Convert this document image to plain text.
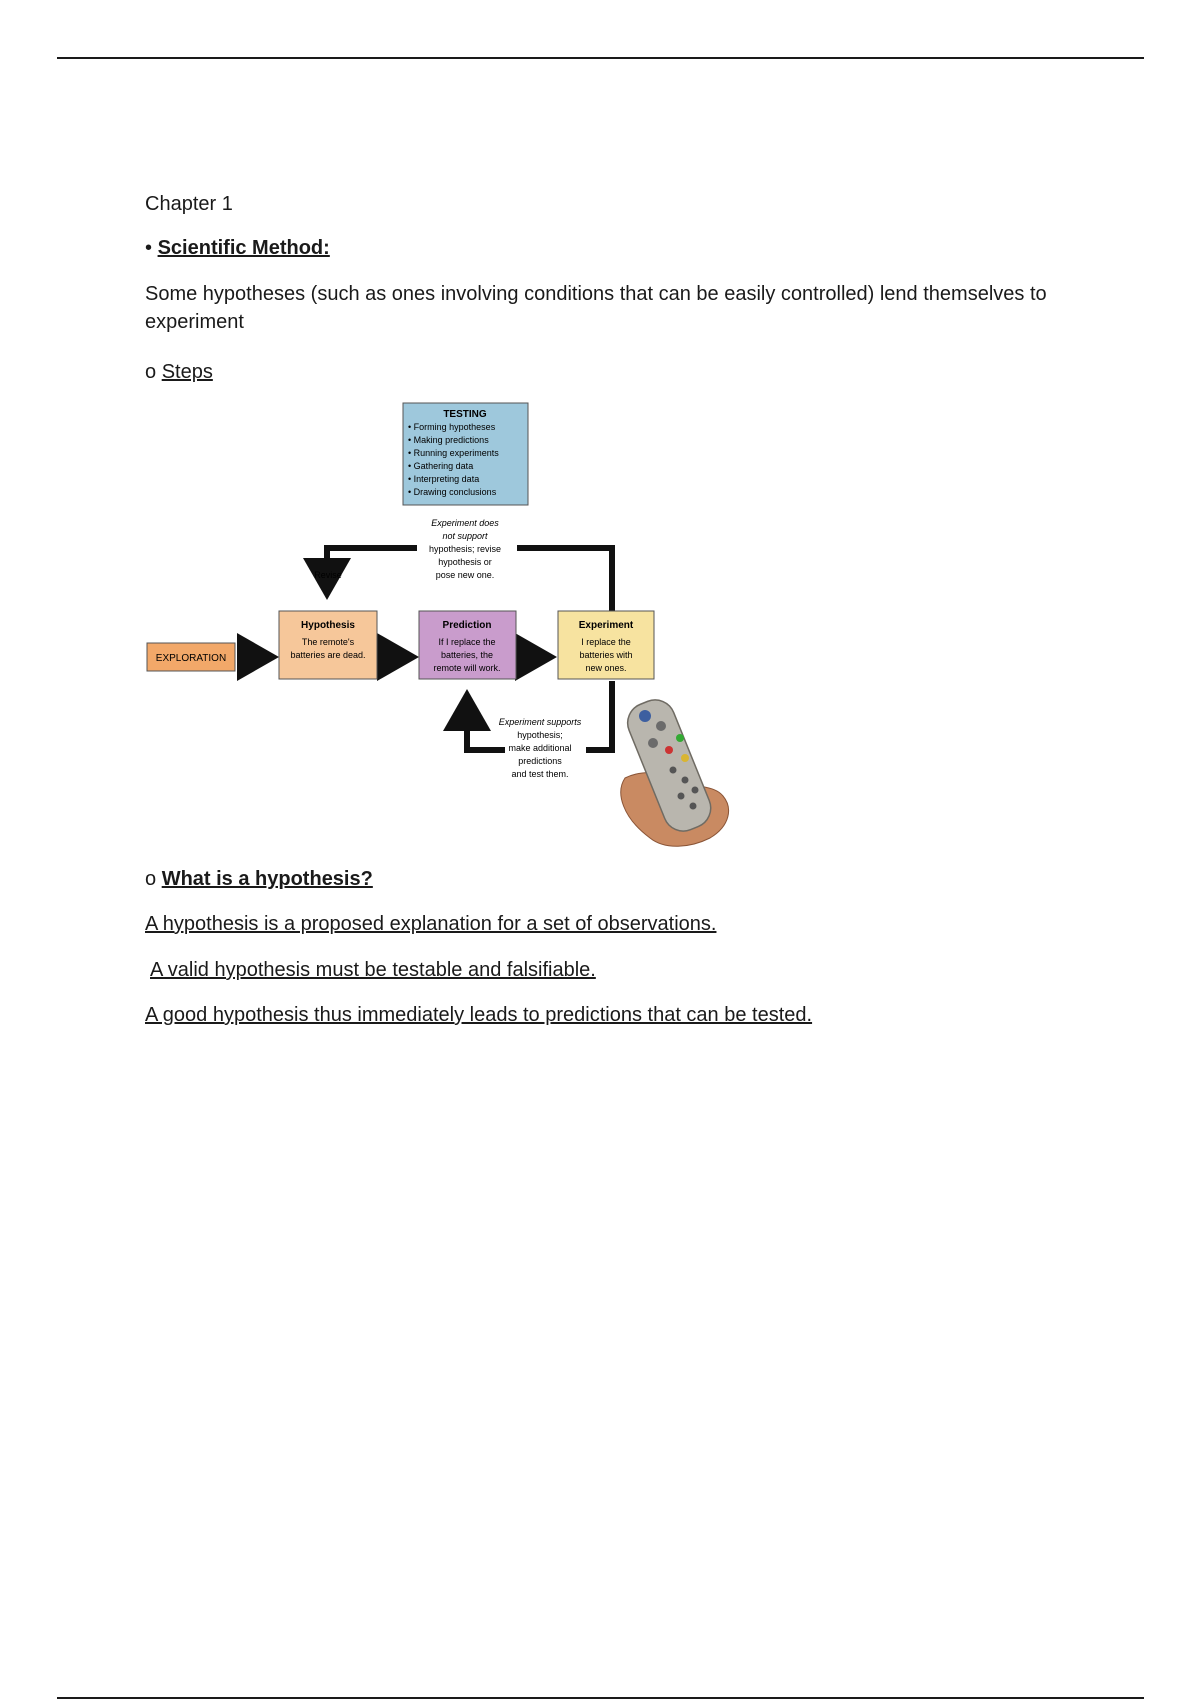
Chapter 1

• Scientific Method:

Some hypotheses (such as ones involving conditions that can be easily controlled) lend themselves to experiment

o Steps

o What is a hypothesis?

A hypothesis is a proposed explanation for a set of observations.

A valid hypothesis must be testable and falsifiable.

A good hypothesis thus immediately leads to predictions that can be tested.

TESTING
• Forming hypotheses
• Making predictions
• Running experiments
• Gathering data
• Interpreting data
• Drawing conclusions
Experiment does
not support
hypothesis; revise
hypothesis or
pose new one.
Revise
EXPLORATION
Hypothesis
The remote's
batteries are dead.
Prediction
If I replace the
batteries, the
remote will work.
Experiment
I replace the
batteries with
new ones.
Experiment supports
hypothesis;
make additional
predictions
and test them.
